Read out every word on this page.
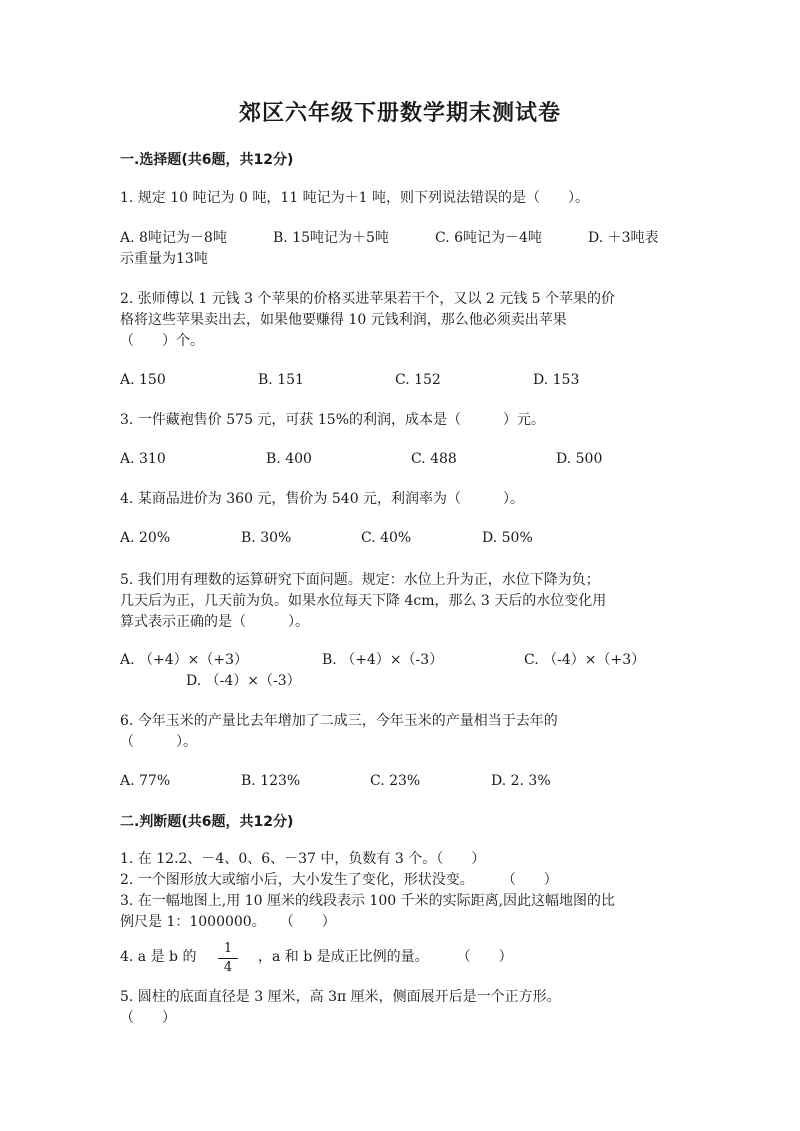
郊区六年级下册数学期末测试卷
一.选择题(共6题，共12分)
1. 规定 10 吨记为 0 吨，11 吨记为＋1 吨，则下列说法错误的是（　　）。
A. 8吨记为－8吨	B. 15吨记为＋5吨	C. 6吨记为－4吨	D. ＋3吨表
示重量为13吨
2. 张师傅以 1 元钱 3 个苹果的价格买进苹果若干个，又以 2 元钱 5 个苹果的价
格将这些苹果卖出去，如果他要赚得 10 元钱利润，那么他必须卖出苹果
（　　）个。
A. 150	B. 151	C. 152	D. 153
3. 一件藏袍售价 575 元，可获 15%的利润，成本是（　　　）元。
A. 310	B. 400	C. 488	D. 500
4. 某商品进价为 360 元，售价为 540 元，利润率为（　　　）。
A. 20%	B. 30%	C. 40%	D. 50%
5. 我们用有理数的运算研究下面问题。规定：水位上升为正，水位下降为负；
几天后为正，几天前为负。如果水位每天下降 4cm，那么 3 天后的水位变化用
算式表示正确的是（　　　）。
A. （+4）×（+3）	B. （+4）×（-3）	C. （-4）×（+3）
D. （-4）×（-3）
6. 今年玉米的产量比去年增加了二成三，今年玉米的产量相当于去年的
（　　　）。
A. 77%	B. 123%	C. 23%	D. 2. 3%
二.判断题(共6题，共12分)
1. 在 12.2、－4、0、6、－37 中，负数有 3 个。（　　）
2. 一个图形放大或缩小后，大小发生了变化，形状没变。　　　（　　）
3. 在一幅地图上,用 10 厘米的线段表示 100 千米的实际距离,因此这幅地图的比
例尺是 1：1000000。　　（　　）
4. a 是 b 的 $\frac{1}{4}$ ，a 和 b 是成正比例的量。　　　（　　）
5. 圆柱的底面直径是 3 厘米，高 3π 厘米，侧面展开后是一个正方形。
（　　）
